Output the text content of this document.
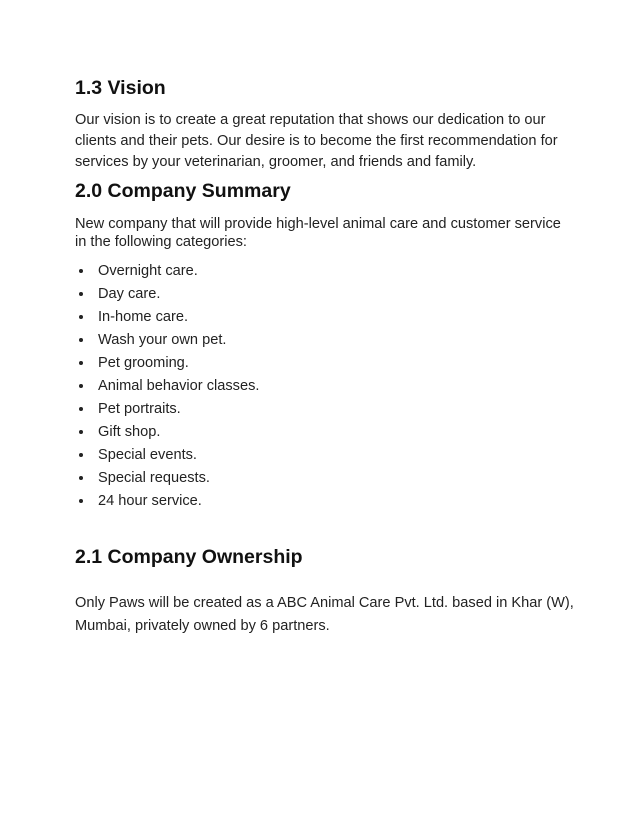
1.3 Vision

Our vision is to create a great reputation that shows our dedication to our clients and their pets. Our desire is to become the first recommendation for services by your veterinarian, groomer, and friends and family.

2.0 Company Summary

New company that will provide high-level animal care and customer service in the following categories:

Overnight care.
Day care.
In-home care.
Wash your own pet.
Pet grooming.
Animal behavior classes.
Pet portraits.
Gift shop.
Special events.
Special requests.
24 hour service.
2.1 Company Ownership

Only Paws will be created as a ABC Animal Care Pvt. Ltd. based in Khar (W), Mumbai, privately owned by 6 partners.
